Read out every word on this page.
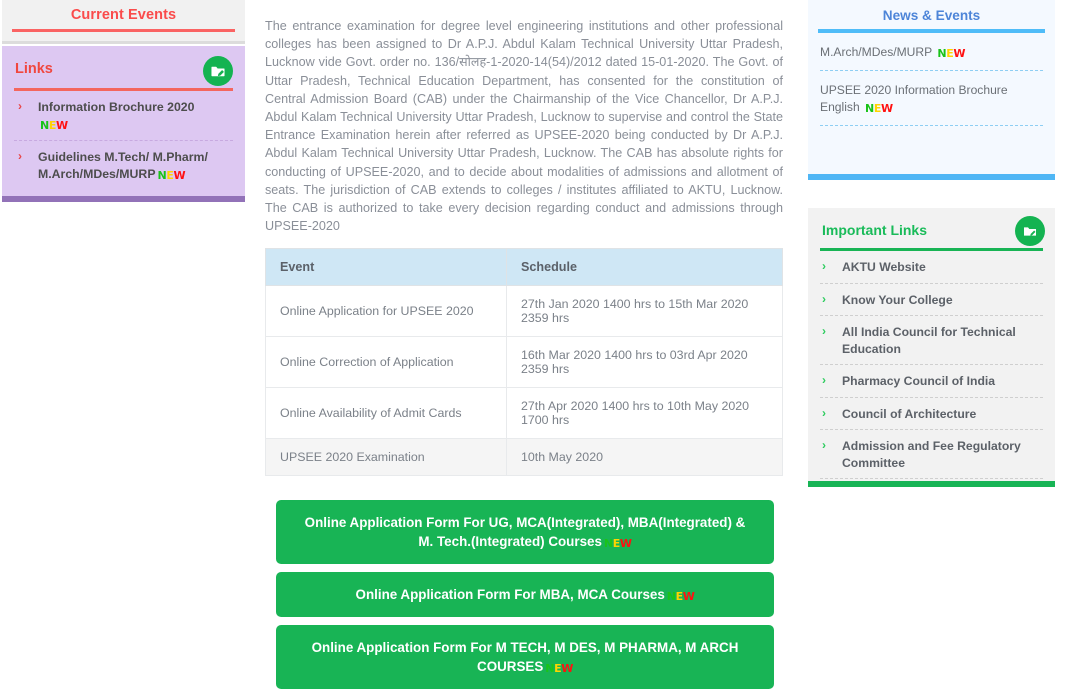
Current Events
Links
› Information Brochure 2020NEW
› Guidelines M.Tech/ M.Pharm/ M.Arch/MDes/MURP NEW

The entrance examination for degree level engineering institutions and other professional colleges has been assigned to Dr A.P.J. Abdul Kalam Technical University Uttar Pradesh, Lucknow vide Govt. order no. 136/सोलह-1-2020-14(54)/2012 dated 15-01-2020. The Govt. of Uttar Pradesh, Technical Education Department, has consented for the constitution of Central Admission Board (CAB) under the Chairmanship of the Vice Chancellor, Dr A.P.J. Abdul Kalam Technical University Uttar Pradesh, Lucknow to supervise and control the State Entrance Examination herein after referred as UPSEE-2020 being conducted by Dr A.P.J. Abdul Kalam Technical University Uttar Pradesh, Lucknow. The CAB has absolute rights for conducting of UPSEE-2020, and to decide about modalities of admissions and allotment of seats. The jurisdiction of CAB extends to colleges / institutes affiliated to AKTU, Lucknow. The CAB is authorized to take every decision regarding conduct and admissions through UPSEE-2020

Event	Schedule
Online Application for UPSEE 2020	27th Jan 2020 1400 hrs to 15th Mar 2020 2359 hrs
Online Correction of Application	16th Mar 2020 1400 hrs to 03rd Apr 2020 2359 hrs
Online Availability of Admit Cards	27th Apr 2020 1400 hrs to 10th May 2020 1700 hrs
UPSEE 2020 Examination	10th May 2020
Online Application Form For UG, MCA(Integrated), MBA(Integrated) & M. Tech.(Integrated) Courses NEW
Online Application Form For MBA, MCA Courses NEW
Online Application Form For M TECH, M DES, M PHARMA, M ARCH COURSES NEW
News & Events
M.Arch/MDes/MURP NEW
UPSEE 2020 Information Brochure English NEW
Important Links
› AKTU Website
› Know Your College
› All India Council for Technical Education
› Pharmacy Council of India
› Council of Architecture
› Admission and Fee Regulatory Committee
